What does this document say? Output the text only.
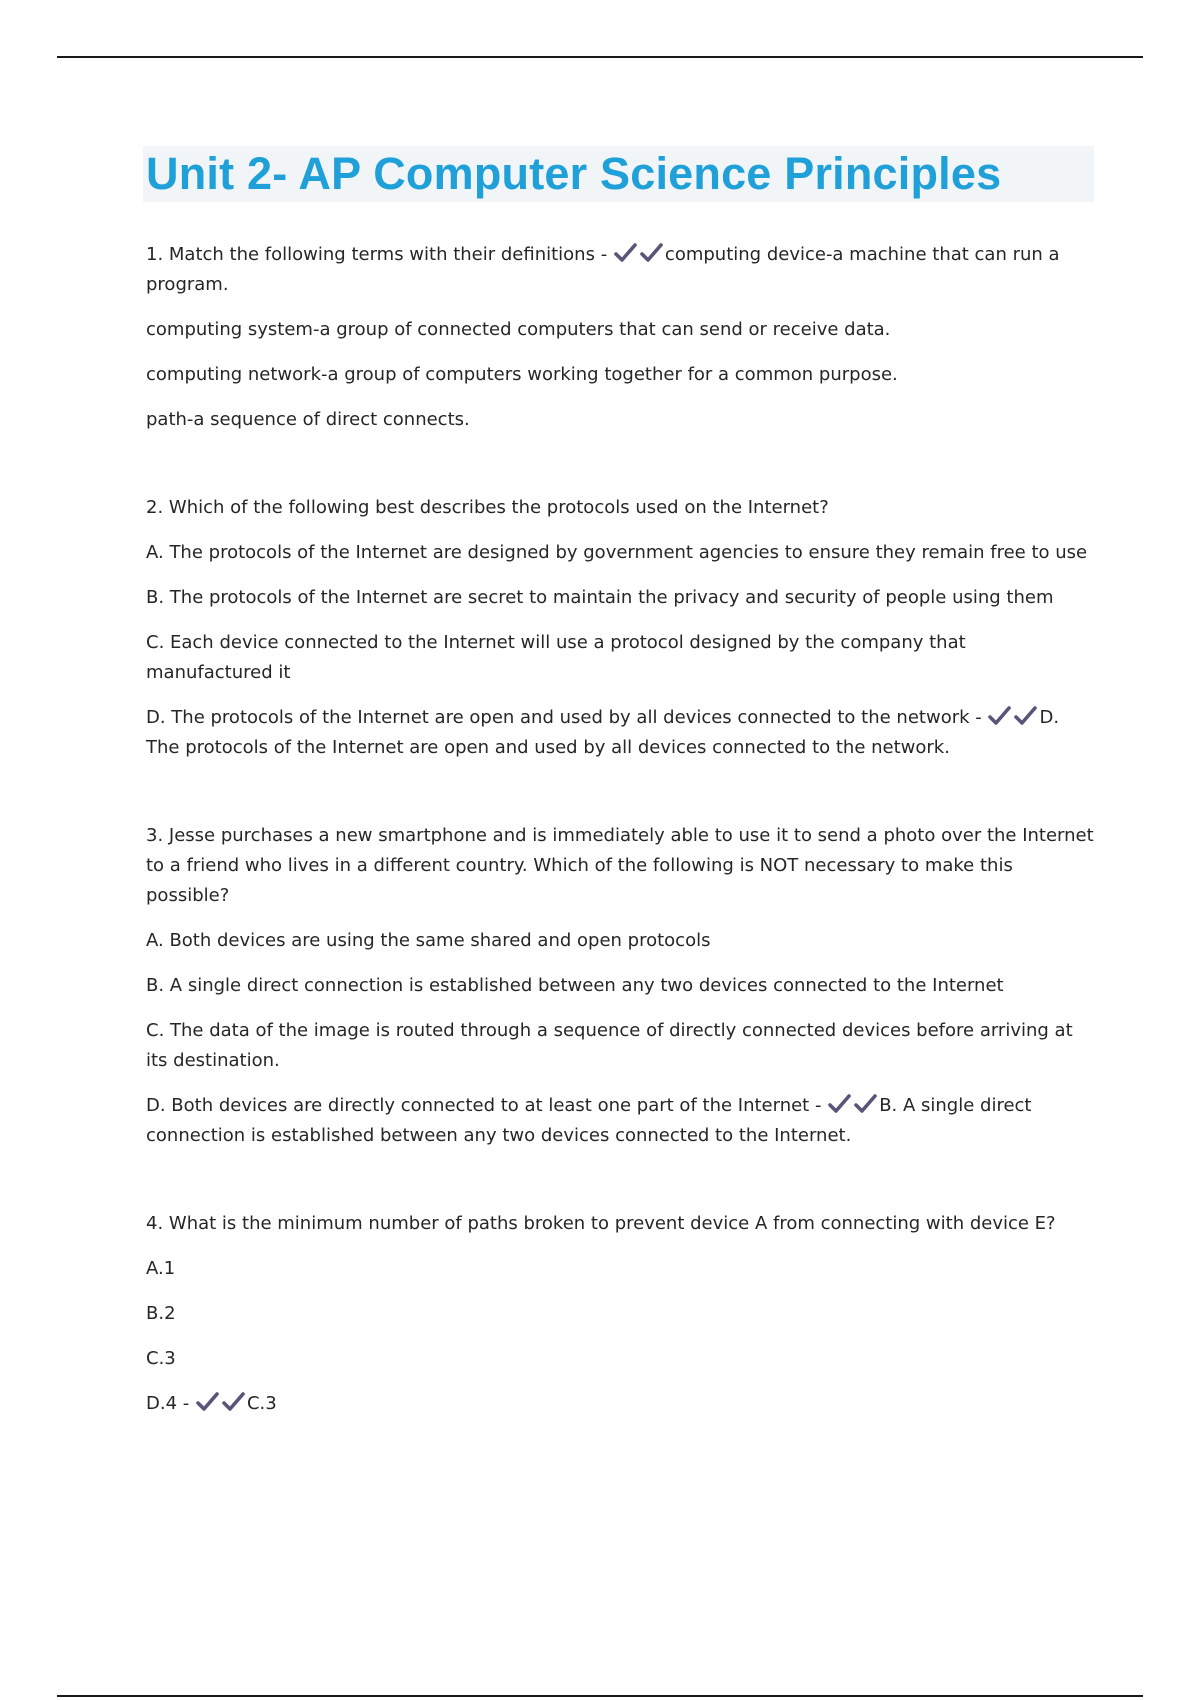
Unit 2- AP Computer Science Principles

1. Match the following terms with their definitions -	computing device-a machine that can run a program.

computing system-a group of connected computers that can send or receive data.

computing network-a group of computers working together for a common purpose.

path-a sequence of direct connects.

2. Which of the following best describes the protocols used on the Internet?

A. The protocols of the Internet are designed by government agencies to ensure they remain free to use

B. The protocols of the Internet are secret to maintain the privacy and security of people using them

C. Each device connected to the Internet will use a protocol designed by the company that manufactured it

D. The protocols of the Internet are open and used by all devices connected to the network -	D. The protocols of the Internet are open and used by all devices connected to the network.

3. Jesse purchases a new smartphone and is immediately able to use it to send a photo over the Internet to a friend who lives in a different country. Which of the following is NOT necessary to make this possible?

A. Both devices are using the same shared and open protocols

B. A single direct connection is established between any two devices connected to the Internet

C. The data of the image is routed through a sequence of directly connected devices before arriving at its destination.

D. Both devices are directly connected to at least one part of the Internet -	B. A single direct connection is established between any two devices connected to the Internet.

4. What is the minimum number of paths broken to prevent device A from connecting with device E?

A.1

B.2

C.3

D.4 -	C.3
